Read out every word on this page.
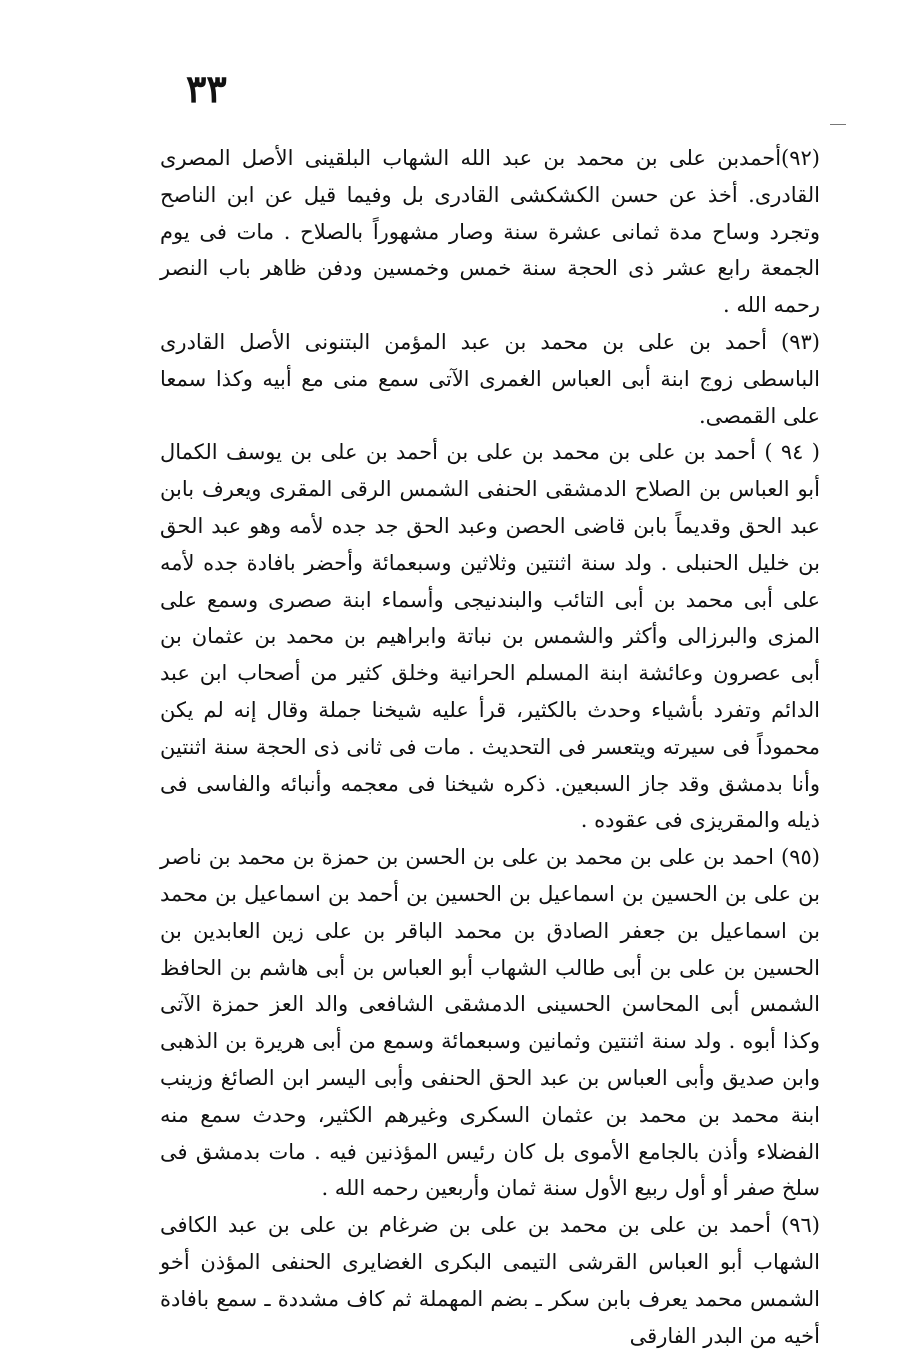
٣٣

(٩٢)أحمدبن على بن محمد بن عبد الله الشهاب البلقينى الأصل المصرى القادرى. أخذ عن حسن الكشكشى القادرى بل وفيما قيل عن ابن الناصح وتجرد وساح مدة ثمانى عشرة سنة وصار مشهوراً بالصلاح . مات فى يوم الجمعة رابع عشر ذى الحجة سنة خمس وخمسين ودفن ظاهر باب النصر رحمه الله .

(٩٣) أحمد بن على بن محمد بن عبد المؤمن البتنونى الأصل القادرى الباسطى زوج ابنة أبى العباس الغمرى الآتى سمع منى مع أبيه وكذا سمعا على القمصى.

( ٩٤ ) أحمد بن على بن محمد بن على بن أحمد بن على بن يوسف الكمال أبو العباس بن الصلاح الدمشقى الحنفى الشمس الرقى المقرى ويعرف بابن عبد الحق وقديماً بابن قاضى الحصن وعبد الحق جد جده لأمه وهو عبد الحق بن خليل الحنبلى . ولد سنة اثنتين وثلاثين وسبعمائة وأحضر بافادة جده لأمه على أبى محمد بن أبى التائب والبندنيجى وأسماء ابنة صصرى وسمع على المزى والبرزالى وأكثر والشمس بن نباتة وابراهيم بن محمد بن عثمان بن أبى عصرون وعائشة ابنة المسلم الحرانية وخلق كثير من أصحاب ابن عبد الدائم وتفرد بأشياء وحدث بالكثير، قرأ عليه شيخنا جملة وقال إنه لم يكن محموداً فى سيرته ويتعسر فى التحديث . مات فى ثانى ذى الحجة سنة اثنتين وأنا بدمشق وقد جاز السبعين. ذكره شيخنا فى معجمه وأنبائه والفاسى فى ذيله والمقريزى فى عقوده .

(٩٥) احمد بن على بن محمد بن على بن الحسن بن حمزة بن محمد بن ناصر بن على بن الحسين بن اسماعيل بن الحسين بن أحمد بن اسماعيل بن محمد بن اسماعيل بن جعفر الصادق بن محمد الباقر بن على زين العابدين بن الحسين بن على بن أبى طالب الشهاب أبو العباس بن أبى هاشم بن الحافظ الشمس أبى المحاسن الحسينى الدمشقى الشافعى والد العز حمزة الآتى وكذا أبوه . ولد سنة اثنتين وثمانين وسبعمائة وسمع من أبى هريرة بن الذهبى وابن صديق وأبى العباس بن عبد الحق الحنفى وأبى اليسر ابن الصائغ وزينب ابنة محمد بن محمد بن عثمان السكرى وغيرهم الكثير، وحدث سمع منه الفضلاء وأذن بالجامع الأموى بل كان رئيس المؤذنين فيه . مات بدمشق فى سلخ صفر أو أول ربيع الأول سنة ثمان وأربعين رحمه الله .

(٩٦) أحمد بن على بن محمد بن على بن ضرغام بن على بن عبد الكافى الشهاب أبو العباس القرشى التيمى البكرى الغضايرى الحنفى المؤذن أخو الشمس محمد يعرف بابن سكر ـ بضم المهملة ثم كاف مشددة ـ سمع بافادة أخيه من البدر الفارقى
